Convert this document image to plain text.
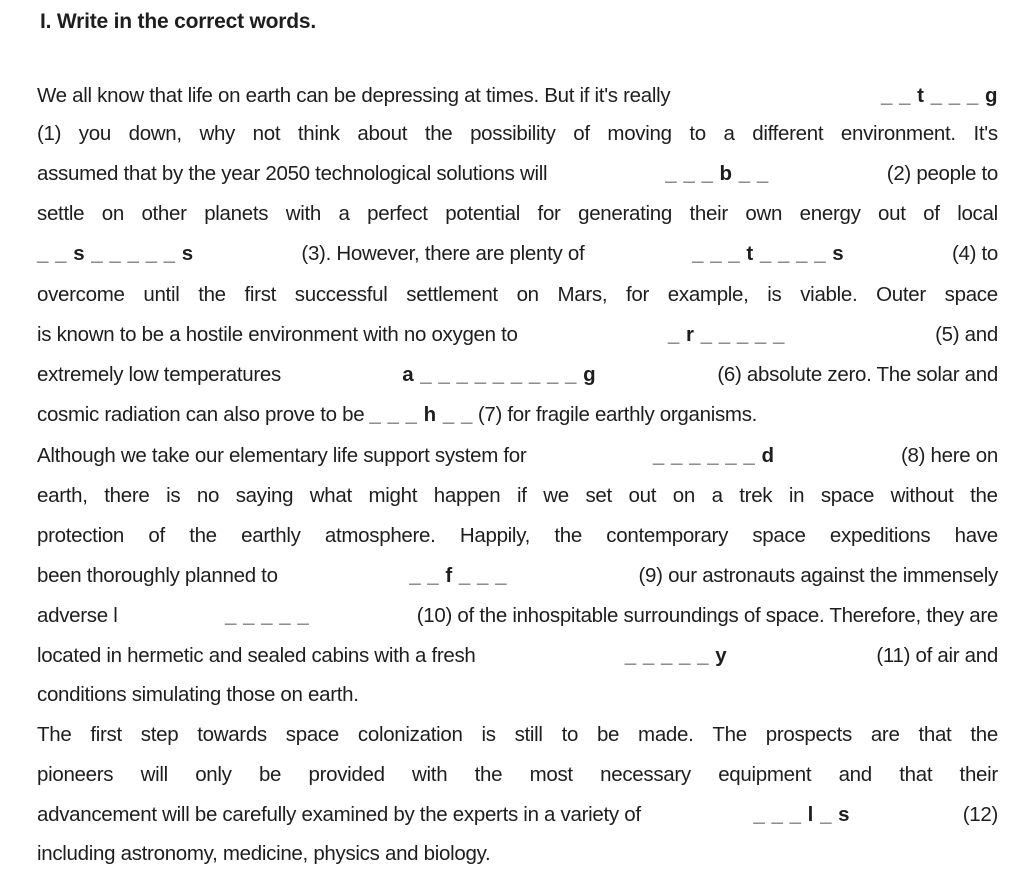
I. Write in the correct words.
We all know that life on earth can be depressing at times. But if it's really	_ _ t _ _ _ g
(1) you down, why not think about the possibility of moving to a different environment. It's
assumed that by the year 2050 technological solutions will	_ _ _ b _ _	(2) people to
settle on other planets with a perfect potential for generating their own energy out of local
_ _ s _ _ _ _ _ s	(3). However, there are plenty of	_ _ _ t _ _ _ _ s	(4) to
overcome until the first successful settlement on Mars, for example, is viable. Outer space
is known to be a hostile environment with no oxygen to	_ r _ _ _ _ _	(5) and
extremely low temperatures	a _ _ _ _ _ _ _ _ _ g	(6) absolute zero. The solar and
cosmic radiation can also prove to be _ _ _ h _ _ (7) for fragile earthly organisms.
Although we take our elementary life support system for	_ _ _ _ _ _ d	(8) here on
earth, there is no saying what might happen if we set out on a trek in space without the
protection of the earthly atmosphere. Happily, the contemporary space expeditions have
been thoroughly planned to	_ _ f _ _ _	(9) our astronauts against the immensely
adverse l	_ _ _ _ _	(10) of the inhospitable surroundings of space. Therefore, they are
located in hermetic and sealed cabins with a fresh	_ _ _ _ _ y	(11) of air and
conditions simulating those on earth.
The first step towards space colonization is still to be made. The prospects are that the
pioneers will only be provided with the most necessary equipment and that their
advancement will be carefully examined by the experts in a variety of	_ _ _ l _ s	(12)
including astronomy, medicine, physics and biology.
